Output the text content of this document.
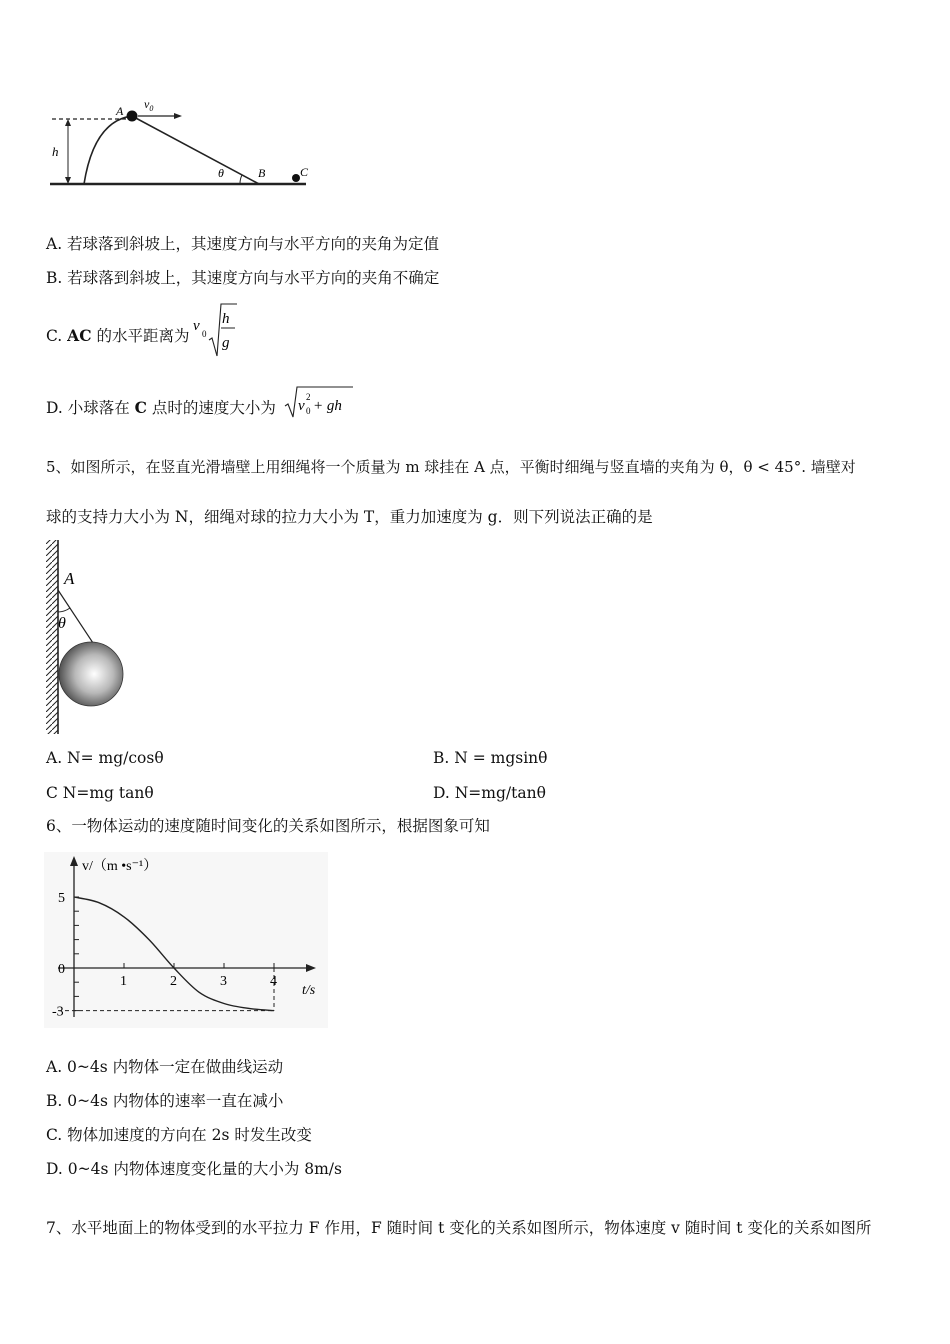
h
$v_0$
A
θ	B	C
A. 若球落到斜坡上，其速度方向与水平方向的夹角为定值
B. 若球落到斜坡上，其速度方向与水平方向的夹角不确定
C. AC 的水平距离为
v 0
h
g
D. 小球落在 C 点时的速度大小为 v
2
0 + gh
5、如图所示，在竖直光滑墙壁上用细绳将一个质量为 m 球挂在 A 点，平衡时细绳与竖直墙的夹角为 θ，θ < 45°. 墙壁对
球的支持力大小为 N，细绳对球的拉力大小为 T，重力加速度为 g．则下列说法正确的是
A
θ
A. N= mg/cosθ	B. N = mgsinθ
C N=mg tanθ	D. N=mg/tanθ
6、一物体运动的速度随时间变化的关系如图所示，根据图象可知
v/（m •s⁻¹）
t/s
5
0
-3
1	2	3	4
A. 0~4s 内物体一定在做曲线运动
B. 0~4s 内物体的速率一直在减小
C. 物体加速度的方向在 2s 时发生改变
D. 0~4s 内物体速度变化量的大小为 8m/s
7、水平地面上的物体受到的水平拉力 F 作用，F 随时间 t 变化的关系如图所示，物体速度 v 随时间 t 变化的关系如图所
